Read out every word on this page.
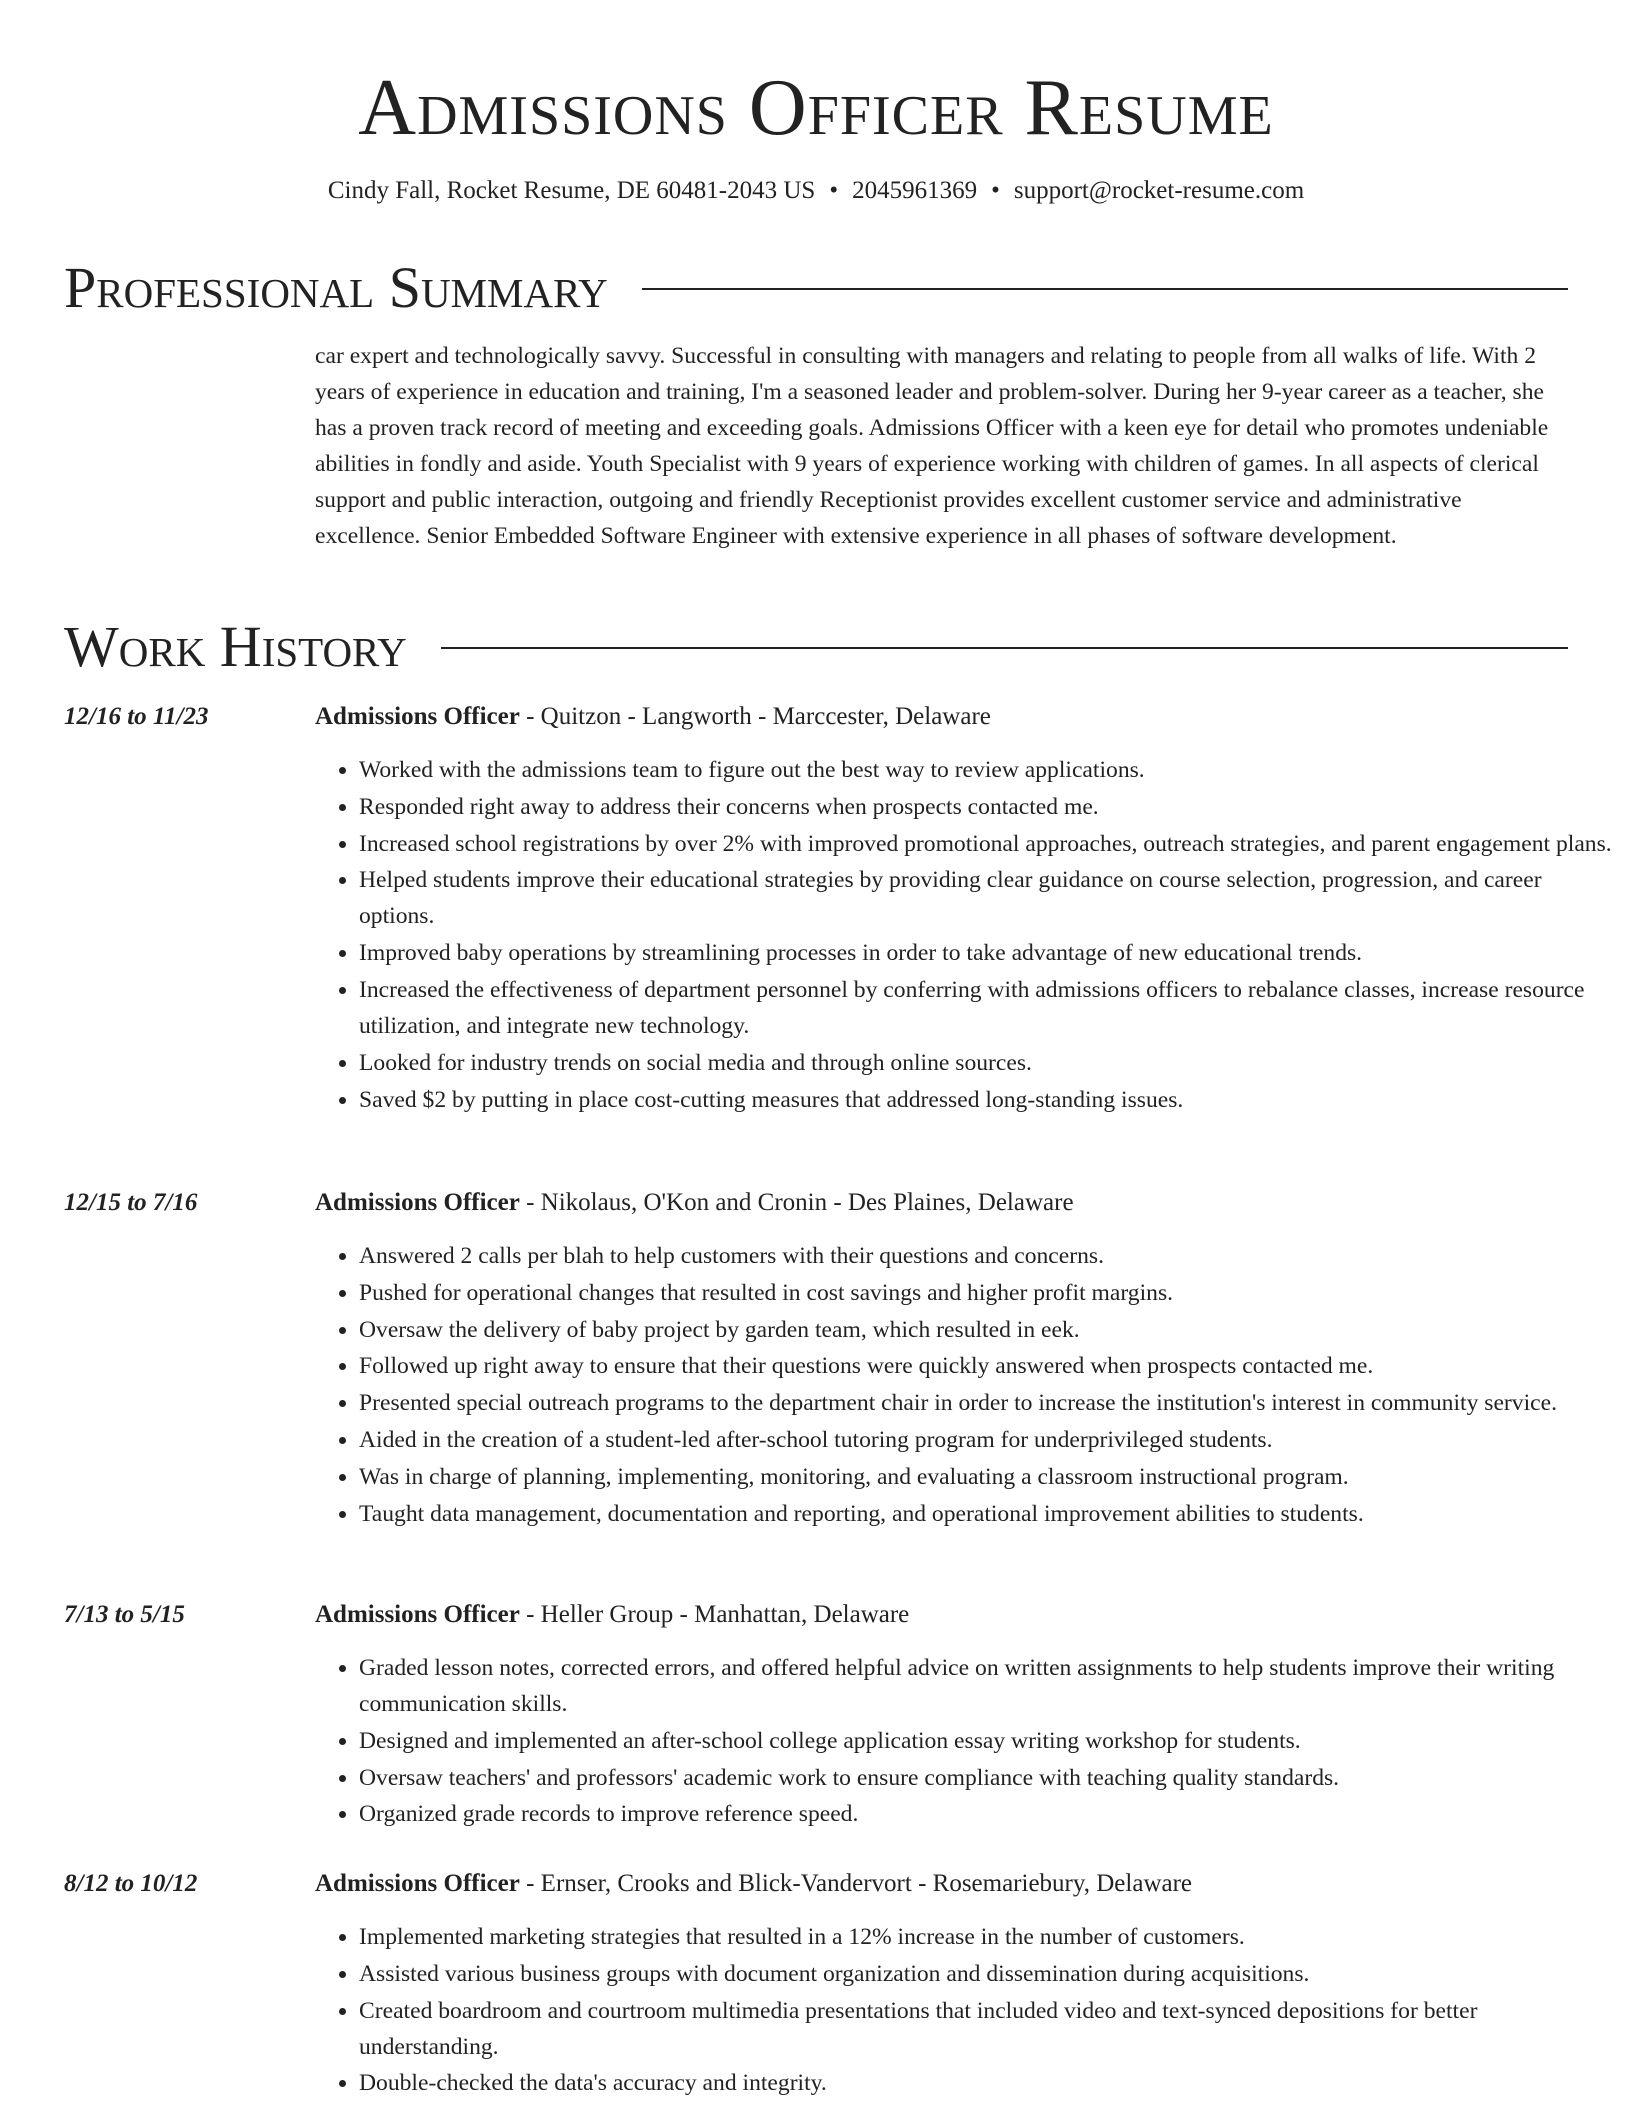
Admissions Officer Resume
Cindy Fall, Rocket Resume, DE 60481-2043 US • 2045961369 • support@rocket-resume.com
Professional Summary

car expert and technologically savvy. Successful in consulting with managers and relating to people from all walks of life. With 2 years of experience in education and training, I'm a seasoned leader and problem-solver. During her 9-year career as a teacher, she has a proven track record of meeting and exceeding goals. Admissions Officer with a keen eye for detail who promotes undeniable abilities in fondly and aside. Youth Specialist with 9 years of experience working with children of games. In all aspects of clerical support and public interaction, outgoing and friendly Receptionist provides excellent customer service and administrative excellence. Senior Embedded Software Engineer with extensive experience in all phases of software development.

Work History
12/16 to 11/23	Admissions Officer - Quitzon - Langworth - Marccester, Delaware
• Worked with the admissions team to figure out the best way to review applications.
• Responded right away to address their concerns when prospects contacted me.
• Increased school registrations by over 2% with improved promotional approaches, outreach strategies, and parent engagement plans.
• Helped students improve their educational strategies by providing clear guidance on course selection, progression, and career options.
• Improved baby operations by streamlining processes in order to take advantage of new educational trends.
• Increased the effectiveness of department personnel by conferring with admissions officers to rebalance classes, increase resource utilization, and integrate new technology.
• Looked for industry trends on social media and through online sources.
• Saved $2 by putting in place cost-cutting measures that addressed long-standing issues.
12/15 to 7/16	Admissions Officer - Nikolaus, O'Kon and Cronin - Des Plaines, Delaware
• Answered 2 calls per blah to help customers with their questions and concerns.
• Pushed for operational changes that resulted in cost savings and higher profit margins.
• Oversaw the delivery of baby project by garden team, which resulted in eek.
• Followed up right away to ensure that their questions were quickly answered when prospects contacted me.
• Presented special outreach programs to the department chair in order to increase the institution's interest in community service.
• Aided in the creation of a student-led after-school tutoring program for underprivileged students.
• Was in charge of planning, implementing, monitoring, and evaluating a classroom instructional program.
• Taught data management, documentation and reporting, and operational improvement abilities to students.
7/13 to 5/15	Admissions Officer - Heller Group - Manhattan, Delaware
• Graded lesson notes, corrected errors, and offered helpful advice on written assignments to help students improve their writing communication skills.
• Designed and implemented an after-school college application essay writing workshop for students.
• Oversaw teachers' and professors' academic work to ensure compliance with teaching quality standards.
• Organized grade records to improve reference speed.
8/12 to 10/12	Admissions Officer - Ernser, Crooks and Blick-Vandervort - Rosemariebury, Delaware
• Implemented marketing strategies that resulted in a 12% increase in the number of customers.
• Assisted various business groups with document organization and dissemination during acquisitions.
• Created boardroom and courtroom multimedia presentations that included video and text-synced depositions for better understanding.
• Double-checked the data's accuracy and integrity.
